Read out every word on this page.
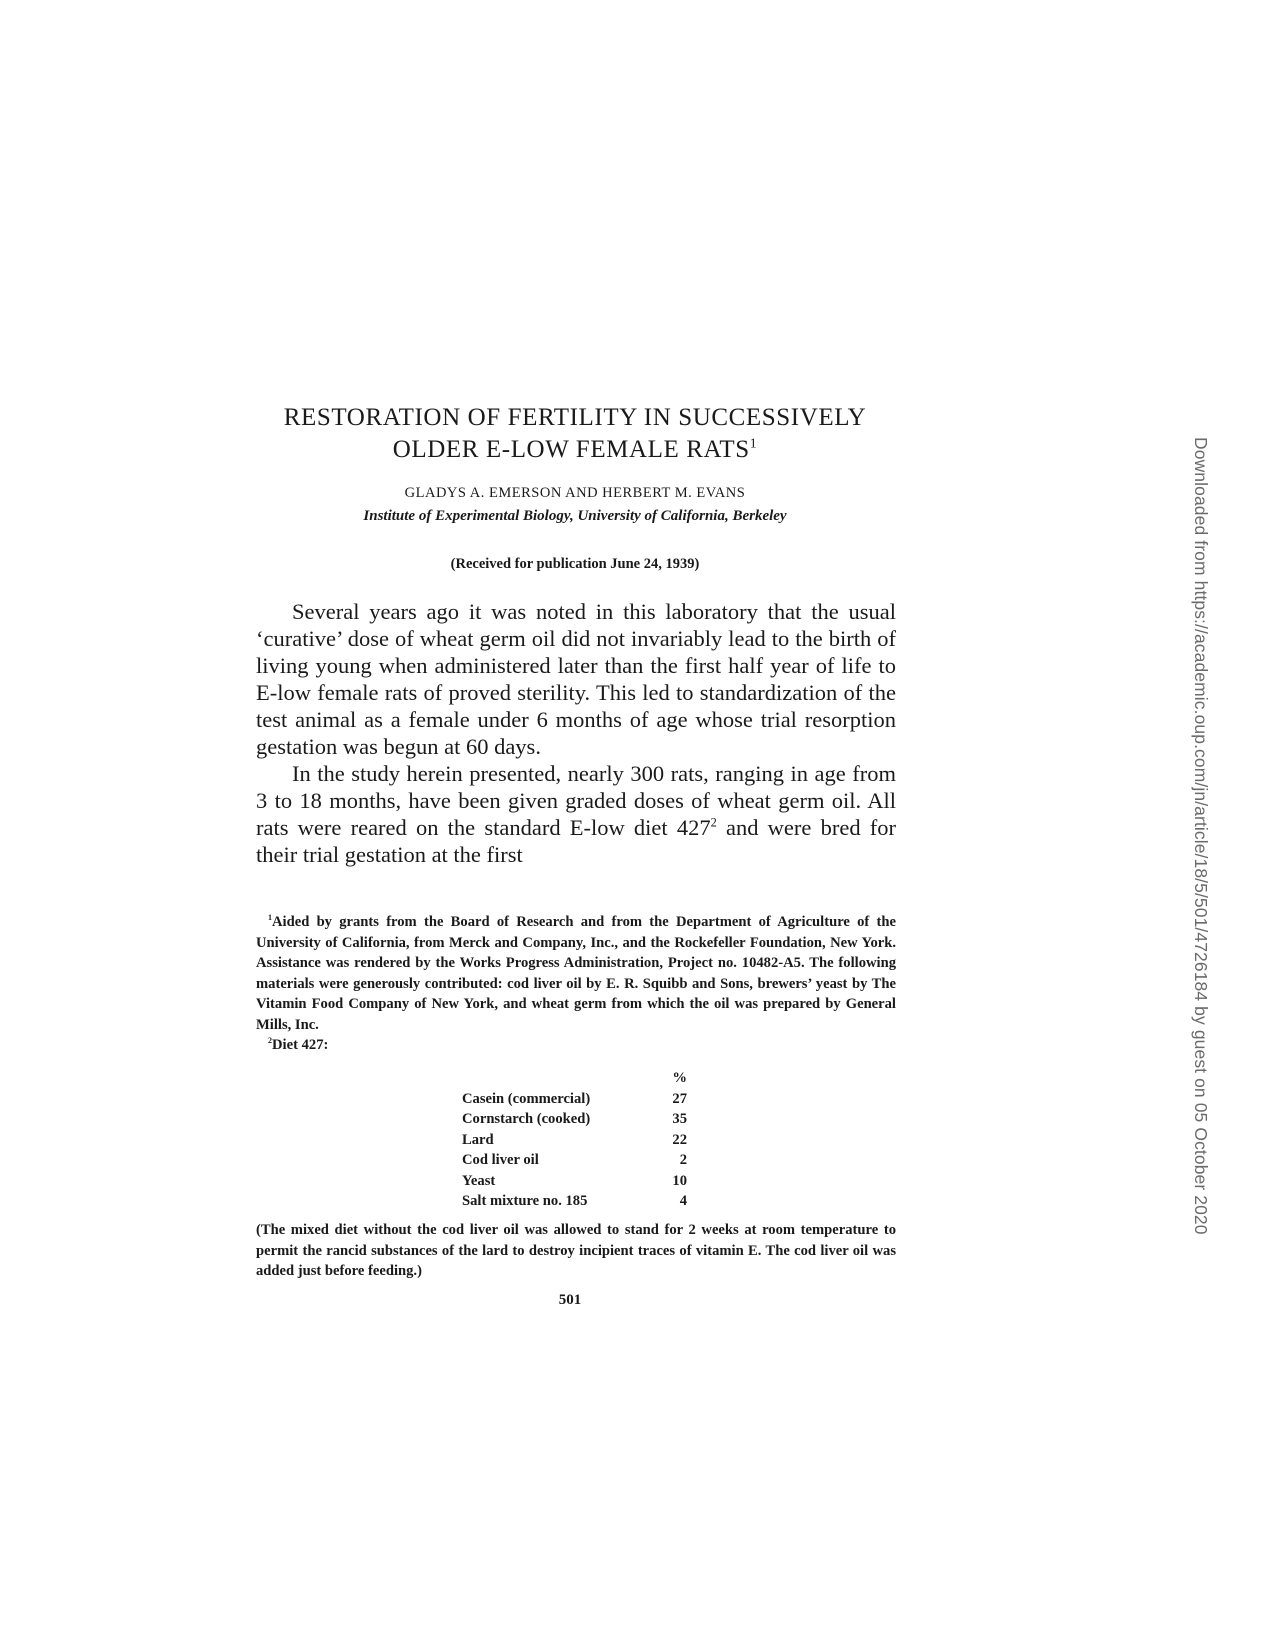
RESTORATION OF FERTILITY IN SUCCESSIVELY
OLDER E-LOW FEMALE RATS$^1$

GLADYS A. EMERSON AND HERBERT M. EVANS

Institute of Experimental Biology, University of California, Berkeley

(Received for publication June 24, 1939)

Several years ago it was noted in this laboratory that the usual ‘curative’ dose of wheat germ oil did not invariably lead to the birth of living young when administered later than the first half year of life to E-low female rats of proved sterility. This led to standardization of the test animal as a female under 6 months of age whose trial resorption gestation was begun at 60 days.

In the study herein presented, nearly 300 rats, ranging in age from 3 to 18 months, have been given graded doses of wheat germ oil. All rats were reared on the standard E-low diet $427^2$ and were bred for their trial gestation at the first

$^1$Aided by grants from the Board of Research and from the Department of Agriculture of the University of California, from Merck and Company, Inc., and the Rockefeller Foundation, New York. Assistance was rendered by the Works Progress Administration, Project no. 10482-A5. The following materials were generously contributed: cod liver oil by E. R. Squibb and Sons, brewers’ yeast by The Vitamin Food Company of New York, and wheat germ from which the oil was prepared by General Mills, Inc.

$^2$Diet 427:

	%
Casein (commercial)	27
Cornstarch (cooked)	35
Lard	22
Cod liver oil	2
Yeast	10
Salt mixture no. 185	4

(The mixed diet without the cod liver oil was allowed to stand for 2 weeks at room temperature to permit the rancid substances of the lard to destroy incipient traces of vitamin E. The cod liver oil was added just before feeding.)

501

Downloaded from https://academic.oup.com/jn/article/18/5/501/4726184 by guest on 05 October 2020
